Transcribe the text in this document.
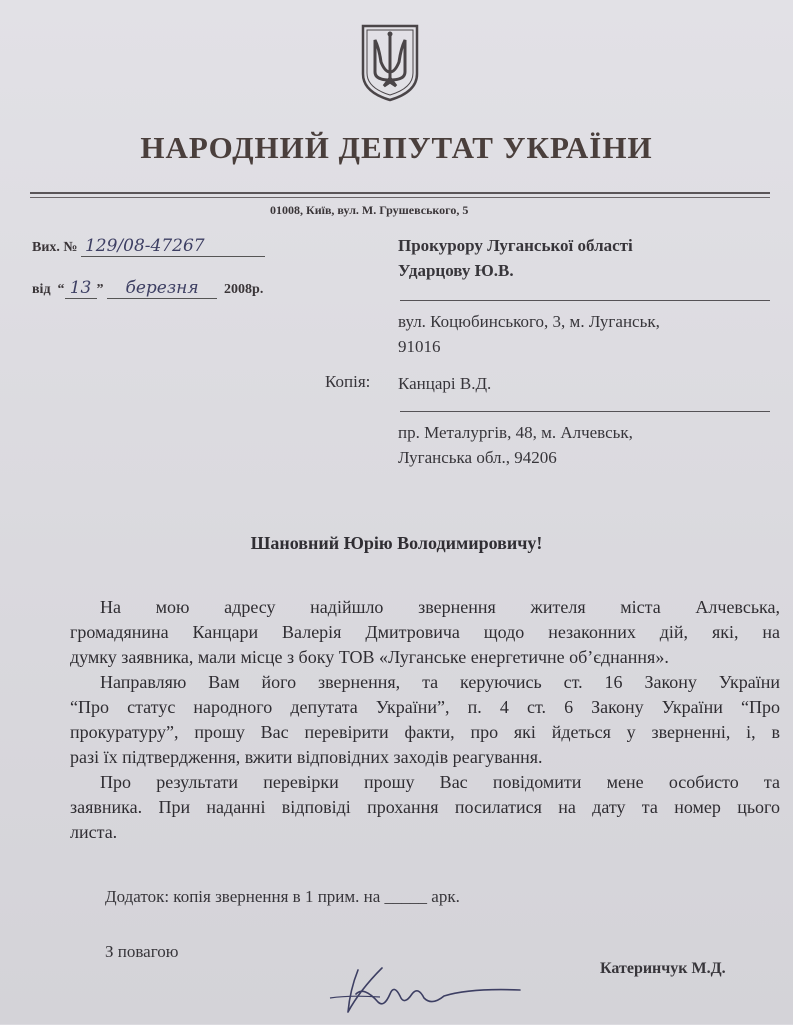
НАРОДНИЙ ДЕПУТАТ УКРАЇНИ
01008, Київ, вул. М. Грушевського, 5
Вих. № 129/08-47267
від  “ 13 ” березня 2008р.
Прокурору Луганської області
Ударцову Ю.В.
вул. Коцюбинського, 3, м. Луганськ,
91016
Копія: Канцарі В.Д.
пр. Металургів, 48, м. Алчевськ,
Луганська обл., 94206
Шановний Юрію Володимировичу!
На мою адресу надійшло звернення жителя міста Алчевська,
громадянина Канцари Валерія Дмитровича щодо незаконних дій, які, на
думку заявника, мали місце з боку ТОВ «Луганське енергетичне об’єднання».
Направляю Вам його звернення, та керуючись ст. 16 Закону України
“Про статус народного депутата України”, п. 4 ст. 6 Закону України “Про
прокуратуру”, прошу Вас перевірити факти, про які йдеться у зверненні, і, в
разі їх підтвердження, вжити відповідних заходів реагування.
Про результати перевірки прошу Вас повідомити мене особисто та
заявника. При наданні відповіді прохання посилатися на дату та номер цього
листа.
Додаток: копія звернення в 1 прим. на _____ арк.
З повагою
Катеринчук М.Д.
